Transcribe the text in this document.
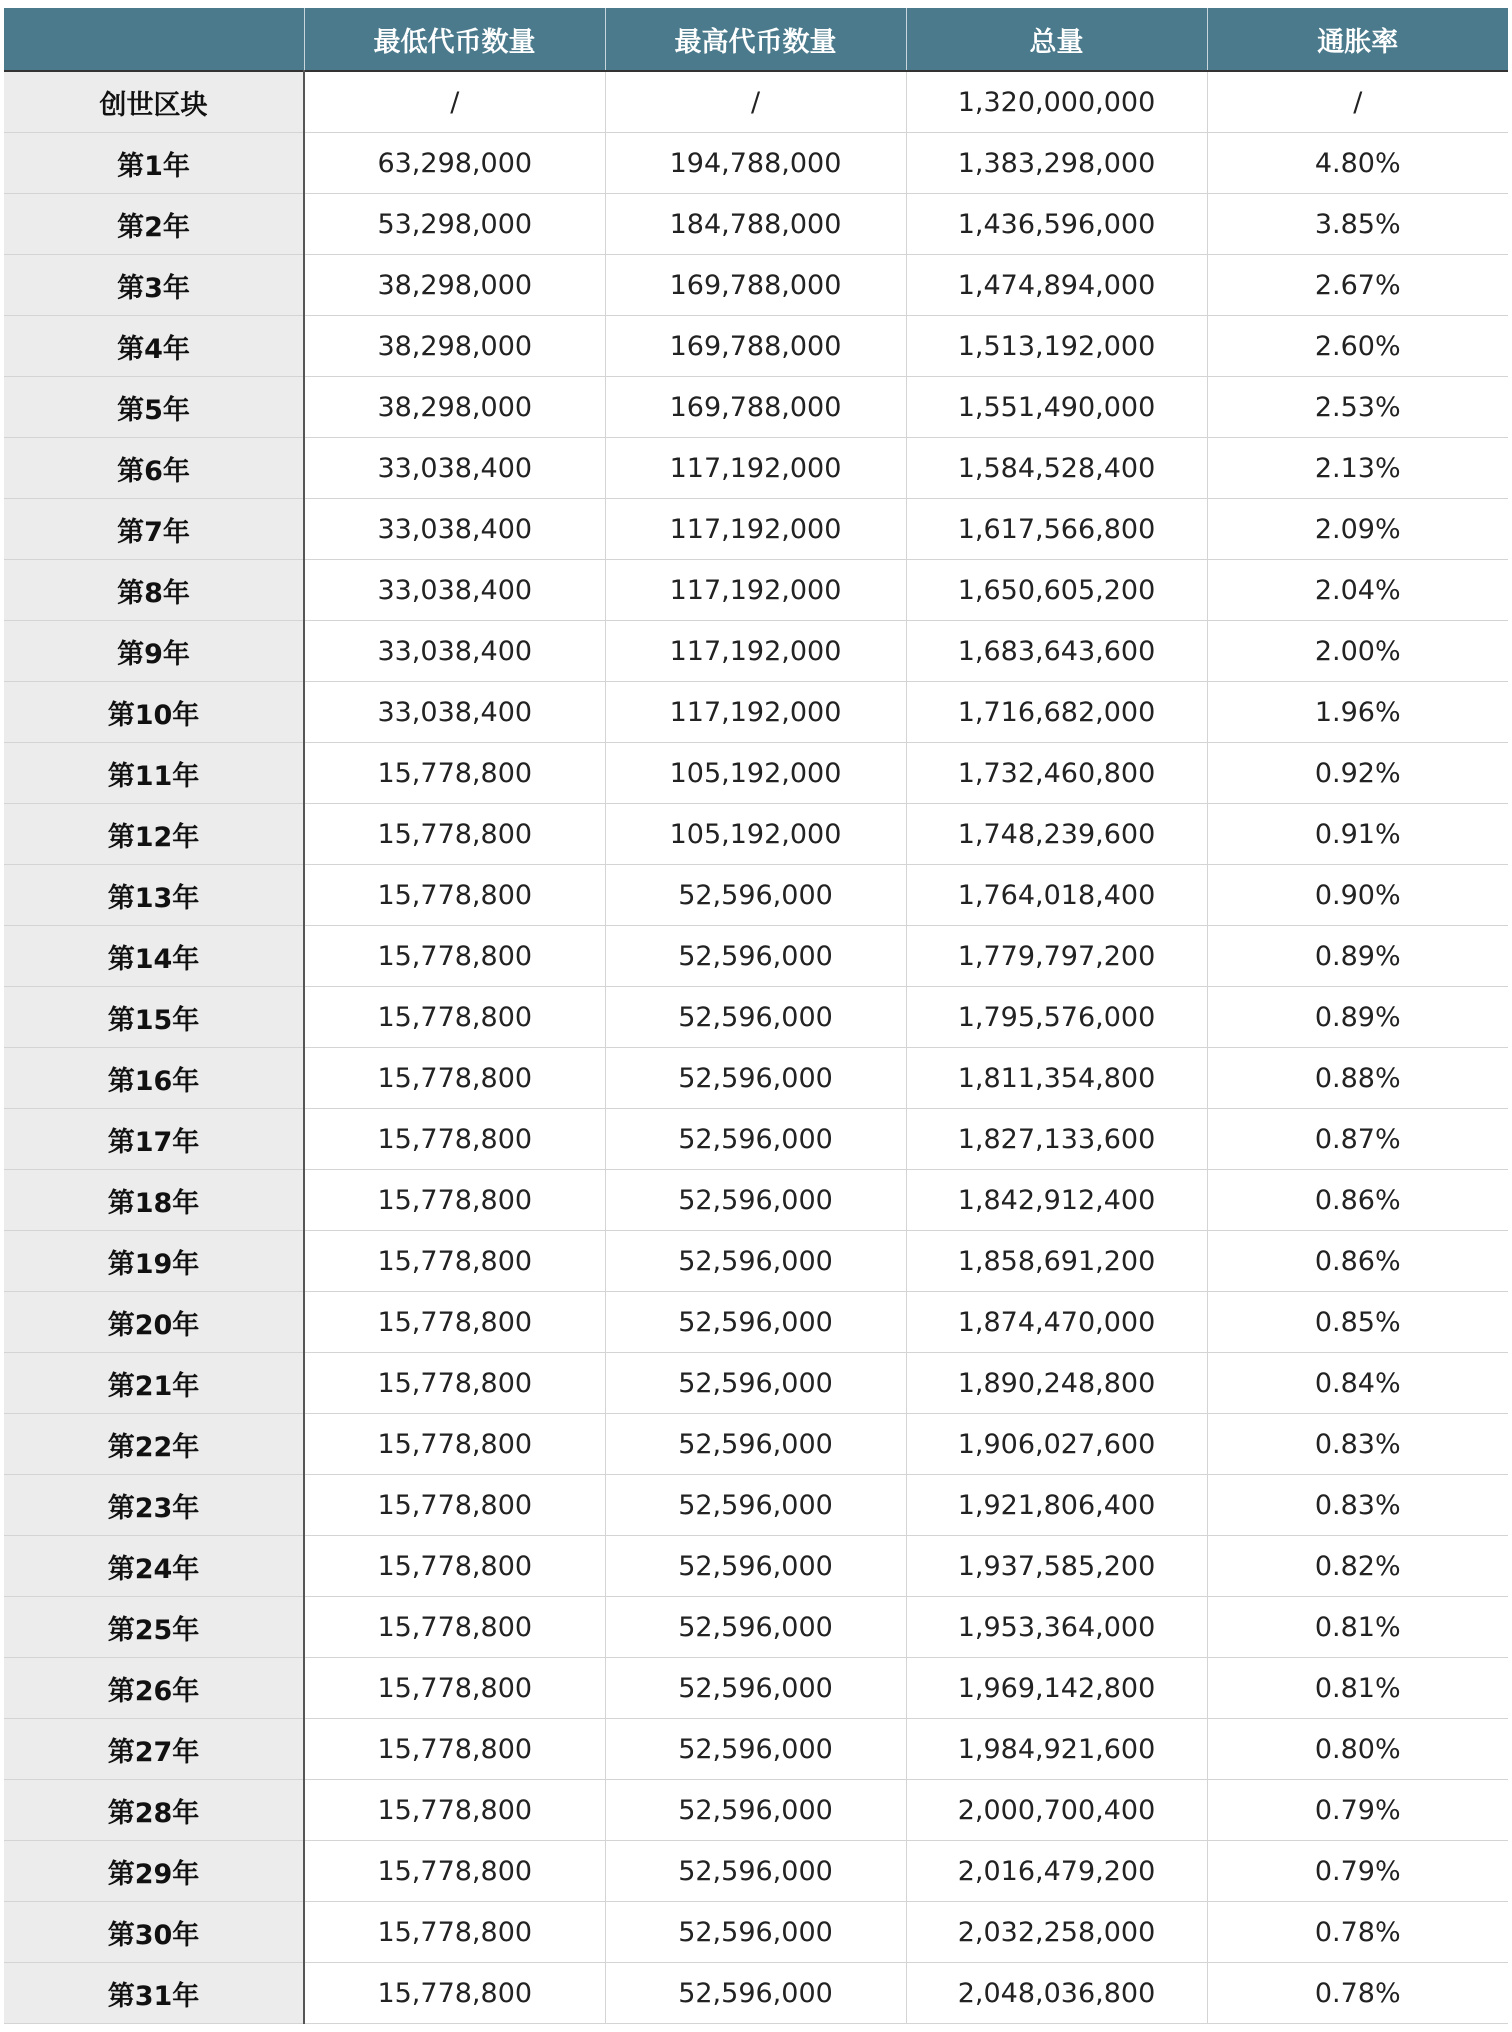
	最低代币数量	最高代币数量	总量	通胀率
创世区块	/	/	1,320,000,000	/
第1年	63,298,000	194,788,000	1,383,298,000	4.80%
第2年	53,298,000	184,788,000	1,436,596,000	3.85%
第3年	38,298,000	169,788,000	1,474,894,000	2.67%
第4年	38,298,000	169,788,000	1,513,192,000	2.60%
第5年	38,298,000	169,788,000	1,551,490,000	2.53%
第6年	33,038,400	117,192,000	1,584,528,400	2.13%
第7年	33,038,400	117,192,000	1,617,566,800	2.09%
第8年	33,038,400	117,192,000	1,650,605,200	2.04%
第9年	33,038,400	117,192,000	1,683,643,600	2.00%
第10年	33,038,400	117,192,000	1,716,682,000	1.96%
第11年	15,778,800	105,192,000	1,732,460,800	0.92%
第12年	15,778,800	105,192,000	1,748,239,600	0.91%
第13年	15,778,800	52,596,000	1,764,018,400	0.90%
第14年	15,778,800	52,596,000	1,779,797,200	0.89%
第15年	15,778,800	52,596,000	1,795,576,000	0.89%
第16年	15,778,800	52,596,000	1,811,354,800	0.88%
第17年	15,778,800	52,596,000	1,827,133,600	0.87%
第18年	15,778,800	52,596,000	1,842,912,400	0.86%
第19年	15,778,800	52,596,000	1,858,691,200	0.86%
第20年	15,778,800	52,596,000	1,874,470,000	0.85%
第21年	15,778,800	52,596,000	1,890,248,800	0.84%
第22年	15,778,800	52,596,000	1,906,027,600	0.83%
第23年	15,778,800	52,596,000	1,921,806,400	0.83%
第24年	15,778,800	52,596,000	1,937,585,200	0.82%
第25年	15,778,800	52,596,000	1,953,364,000	0.81%
第26年	15,778,800	52,596,000	1,969,142,800	0.81%
第27年	15,778,800	52,596,000	1,984,921,600	0.80%
第28年	15,778,800	52,596,000	2,000,700,400	0.79%
第29年	15,778,800	52,596,000	2,016,479,200	0.79%
第30年	15,778,800	52,596,000	2,032,258,000	0.78%
第31年	15,778,800	52,596,000	2,048,036,800	0.78%
